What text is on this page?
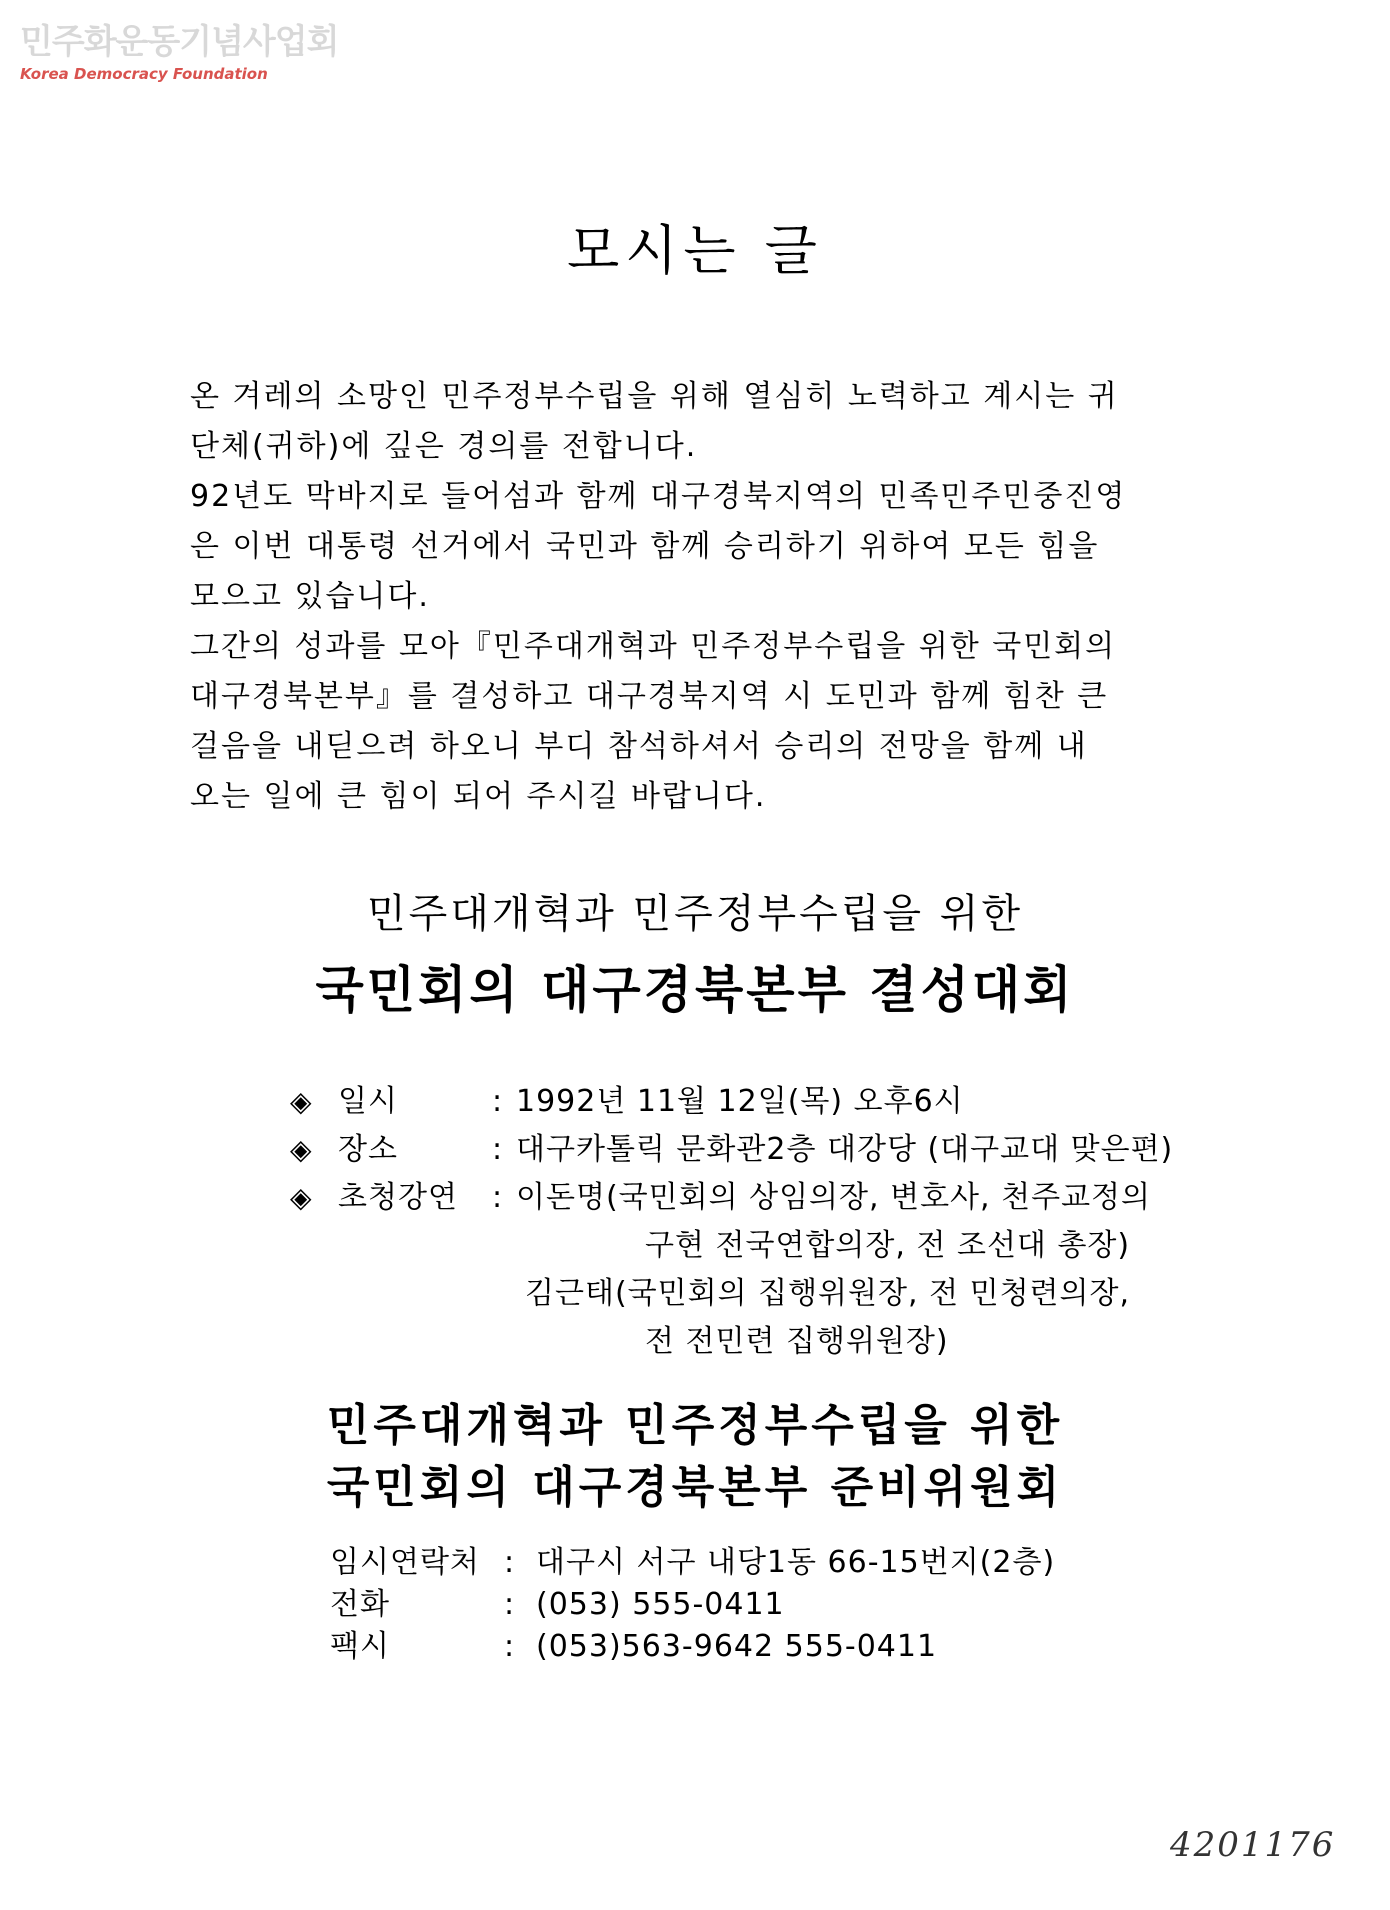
민주화운동기념사업회
Korea Democracy Foundation
모시는 글
온 겨레의 소망인 민주정부수립을 위해 열심히 노력하고 계시는 귀
단체(귀하)에 깊은 경의를 전합니다.
92년도 막바지로 들어섬과 함께 대구경북지역의 민족민주민중진영
은 이번 대통령 선거에서 국민과 함께 승리하기 위하여 모든 힘을
모으고 있습니다.
그간의 성과를 모아『민주대개혁과 민주정부수립을 위한 국민회의
대구경북본부』를 결성하고 대구경북지역 시 도민과 함께 힘찬 큰
걸음을 내딛으려 하오니 부디 참석하셔서 승리의 전망을 함께 내
오는 일에 큰 힘이 되어 주시길 바랍니다.
민주대개혁과 민주정부수립을 위한
국민회의 대구경북본부 결성대회
◈ 일시	: 1992년 11월 12일(목) 오후6시
◈ 장소	: 대구카톨릭 문화관2층 대강당 (대구교대 맞은편)
◈ 초청강연	: 이돈명(국민회의 상임의장, 변호사, 천주교정의
구현 전국연합의장, 전 조선대 총장)
김근태(국민회의 집행위원장, 전 민청련의장,
전 전민련 집행위원장)
민주대개혁과 민주정부수립을 위한
국민회의 대구경북본부 준비위원회
임시연락처 : 대구시 서구 내당1동 66-15번지(2층)
전화	: (053) 555-0411
팩시	: (053)563-9642 555-0411
4201176
